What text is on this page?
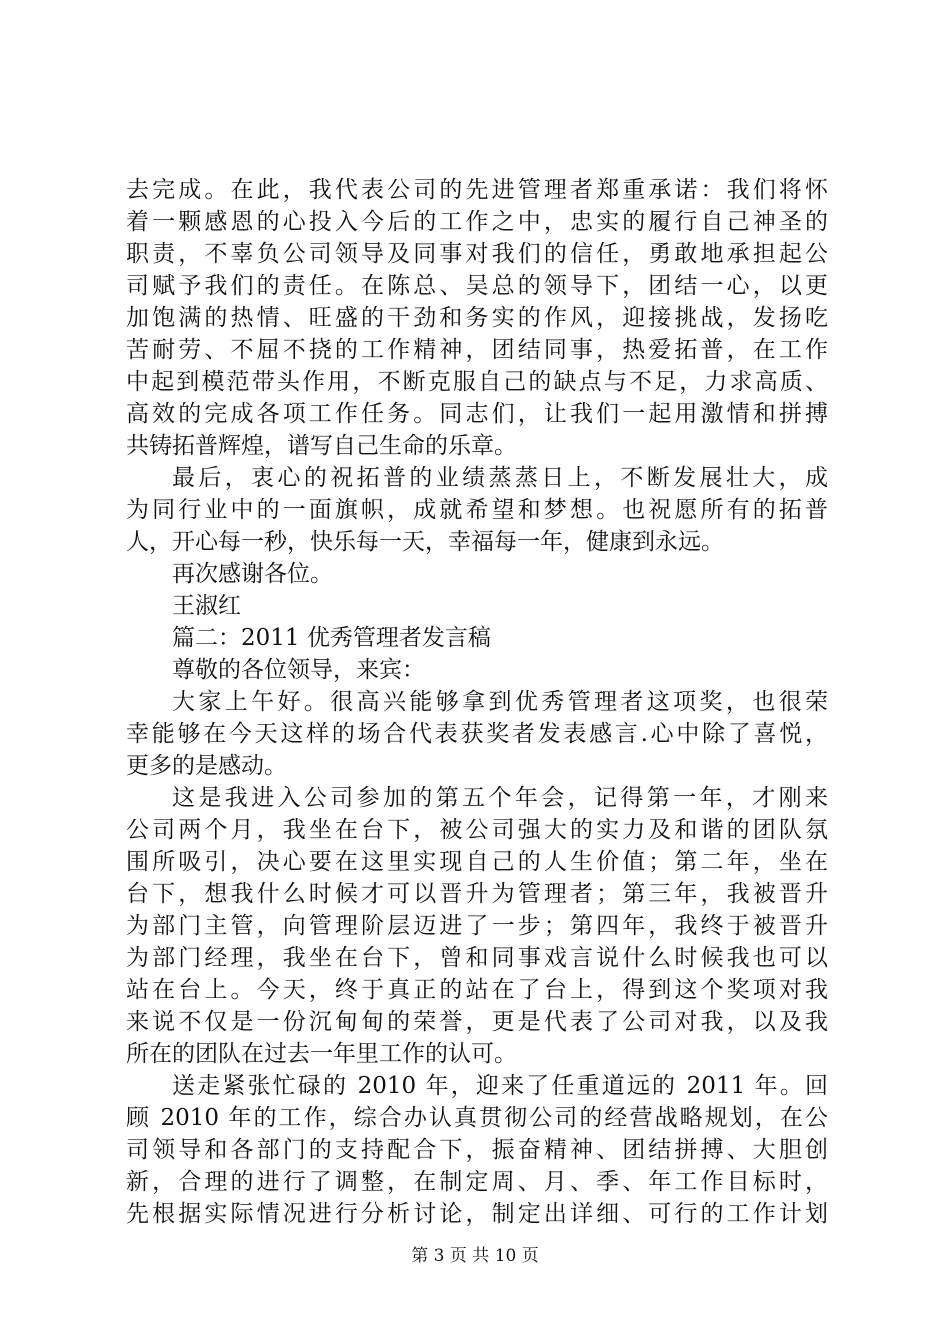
去完成。在此，我代表公司的先进管理者郑重承诺：我们将怀
着一颗感恩的心投入今后的工作之中，忠实的履行自己神圣的
职责，不辜负公司领导及同事对我们的信任，勇敢地承担起公
司赋予我们的责任。在陈总、吴总的领导下，团结一心，以更
加饱满的热情、旺盛的干劲和务实的作风，迎接挑战，发扬吃
苦耐劳、不屈不挠的工作精神，团结同事，热爱拓普，在工作
中起到模范带头作用，不断克服自己的缺点与不足，力求高质、
高效的完成各项工作任务。同志们，让我们一起用激情和拼搏
共铸拓普辉煌，谱写自己生命的乐章。
最后，衷心的祝拓普的业绩蒸蒸日上，不断发展壮大，成
为同行业中的一面旗帜，成就希望和梦想。也祝愿所有的拓普
人，开心每一秒，快乐每一天，幸福每一年，健康到永远。
再次感谢各位。
王淑红
篇二：2011 优秀管理者发言稿
尊敬的各位领导，来宾：
大家上午好。很高兴能够拿到优秀管理者这项奖，也很荣
幸能够在今天这样的场合代表获奖者发表感言.心中除了喜悦，
更多的是感动。
这是我进入公司参加的第五个年会，记得第一年，才刚来
公司两个月，我坐在台下，被公司强大的实力及和谐的团队氛
围所吸引，决心要在这里实现自己的人生价值；第二年，坐在
台下，想我什么时候才可以晋升为管理者；第三年，我被晋升
为部门主管，向管理阶层迈进了一步；第四年，我终于被晋升
为部门经理，我坐在台下，曾和同事戏言说什么时候我也可以
站在台上。今天，终于真正的站在了台上，得到这个奖项对我
来说不仅是一份沉甸甸的荣誉，更是代表了公司对我，以及我
所在的团队在过去一年里工作的认可。
送走紧张忙碌的 2010 年，迎来了任重道远的 2011 年。回
顾 2010 年的工作，综合办认真贯彻公司的经营战略规划，在公
司领导和各部门的支持配合下，振奋精神、团结拼搏、大胆创
新，合理的进行了调整，在制定周、月、季、年工作目标时，
先根据实际情况进行分析讨论，制定出详细、可行的工作计划
第 3 页 共 10 页
